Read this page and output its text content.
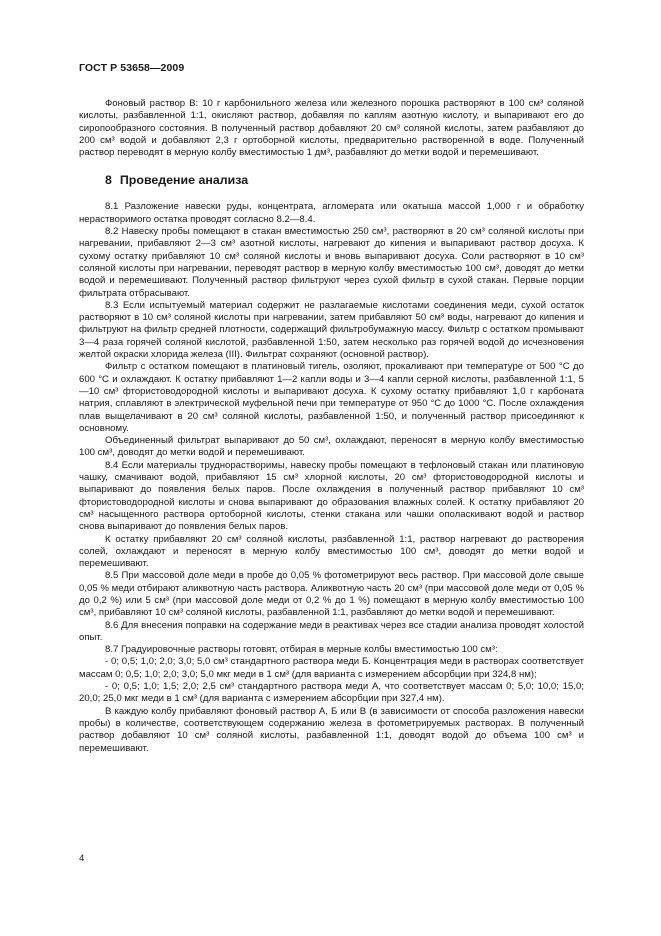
ГОСТ Р 53658—2009

Фоновый раствор В: 10 г карбонильного железа или железного порошка растворяют в 100 см³ соляной кислоты, разбавленной 1:1, окисляют раствор, добавляя по каплям азотную кислоту, и выпаривают его до сиропообразного состояния. В полученный раствор добавляют 20 см³ соляной кислоты, затем разбавляют до 200 см³ водой и добавляют 2,3 г ортоборной кислоты, предварительно растворенной в воде. Полученный раствор переводят в мерную колбу вместимостью 1 дм³, разбавляют до метки водой и перемешивают.

8 Проведение анализа

8.1 Разложение навески руды, концентрата, агломерата или окатыша массой 1,000 г и обработку нерастворимого остатка проводят согласно 8.2—8.4.

8.2 Навеску пробы помещают в стакан вместимостью 250 см³, растворяют в 20 см³ соляной кислоты при нагревании, прибавляют 2—3 см³ азотной кислоты, нагревают до кипения и выпаривают раствор досуха. К сухому остатку прибавляют 10 см³ соляной кислоты и вновь выпаривают досуха. Соли растворяют в 10 см³ соляной кислоты при нагревании, переводят раствор в мерную колбу вместимостью 100 см³, доводят до метки водой и перемешивают. Полученный раствор фильтруют через сухой фильтр в сухой стакан. Первые порции фильтрата отбрасывают.

8.3 Если испытуемый материал содержит не разлагаемые кислотами соединения меди, сухой остаток растворяют в 10 см³ соляной кислоты при нагревании, затем прибавляют 50 см³ воды, нагревают до кипения и фильтруют на фильтр средней плотности, содержащий фильтробумажную массу. Фильтр с остатком промывают 3—4 раза горячей соляной кислотой, разбавленной 1:50, затем несколько раз горячей водой до исчезновения желтой окраски хлорида железа (III). Фильтрат сохраняют (основной раствор).

Фильтр с остатком помещают в платиновый тигель, озоляют, прокаливают при температуре от 500 °С до 600 °С и охлаждают. К остатку прибавляют 1—2 капли воды и 3—4 капли серной кислоты, разбавленной 1:1, 5—10 см³ фтористоводородной кислоты и выпаривают досуха. К сухому остатку прибавляют 1,0 г карбоната натрия, сплавляют в электрической муфельной печи при температуре от 950 °С до 1000 °С. После охлаждения плав выщелачивают в 20 см³ соляной кислоты, разбавленной 1:50, и полученный раствор присоединяют к основному.

Объединенный фильтрат выпаривают до 50 см³, охлаждают, переносят в мерную колбу вместимостью 100 см³, доводят до метки водой и перемешивают.

8.4 Если материалы труднорастворимы, навеску пробы помещают в тефлоновый стакан или платиновую чашку, смачивают водой, прибавляют 15 см³ хлорной кислоты, 20 см³ фтористоводородной кислоты и выпаривают до появления белых паров. После охлаждения в полученный раствор прибавляют 10 см³ фтористоводородной кислоты и снова выпаривают до образования влажных солей. К остатку прибавляют 20 см³ насыщенного раствора ортоборной кислоты, стенки стакана или чашки ополаскивают водой и раствор снова выпаривают до появления белых паров.

К остатку прибавляют 20 см³ соляной кислоты, разбавленной 1:1, раствор нагревают до растворения солей, охлаждают и переносят в мерную колбу вместимостью 100 см³, доводят до метки водой и перемешивают.

8.5 При массовой доле меди в пробе до 0,05 % фотометрируют весь раствор. При массовой доле свыше 0,05 % меди отбирают аликвотную часть раствора. Аликвотную часть 20 см³ (при массовой доле меди от 0,05 % до 0,2 %) или 5 см³ (при массовой доле меди от 0,2 % до 1 %) помещают в мерную колбу вместимостью 100 см³, прибавляют 10 см³ соляной кислоты, разбавленной 1:1, разбавляют до метки водой и перемешивают.

8.6 Для внесения поправки на содержание меди в реактивах через все стадии анализа проводят холостой опыт.

8.7 Градуировочные растворы готовят, отбирая в мерные колбы вместимостью 100 см³:

- 0; 0,5; 1,0; 2,0; 3,0; 5,0 см³ стандартного раствора меди Б. Концентрация меди в растворах соответствует массам 0; 0,5; 1,0; 2,0; 3,0; 5,0 мкг меди в 1 см³ (для варианта с измерением абсорбции при 324,8 нм);

- 0; 0,5; 1,0; 1,5; 2,0; 2,5 см³ стандартного раствора меди А, что соответствует массам 0; 5,0; 10,0; 15,0; 20,0; 25,0 мкг меди в 1 см³ (для варианта с измерением абсорбции при 327,4 нм).

В каждую колбу прибавляют фоновый раствор А, Б или В (в зависимости от способа разложения навески пробы) в количестве, соответствующем содержанию железа в фотометрируемых растворах. В полученный раствор добавляют 10 см³ соляной кислоты, разбавленной 1:1, доводят водой до объема 100 см³ и перемешивают.

4
